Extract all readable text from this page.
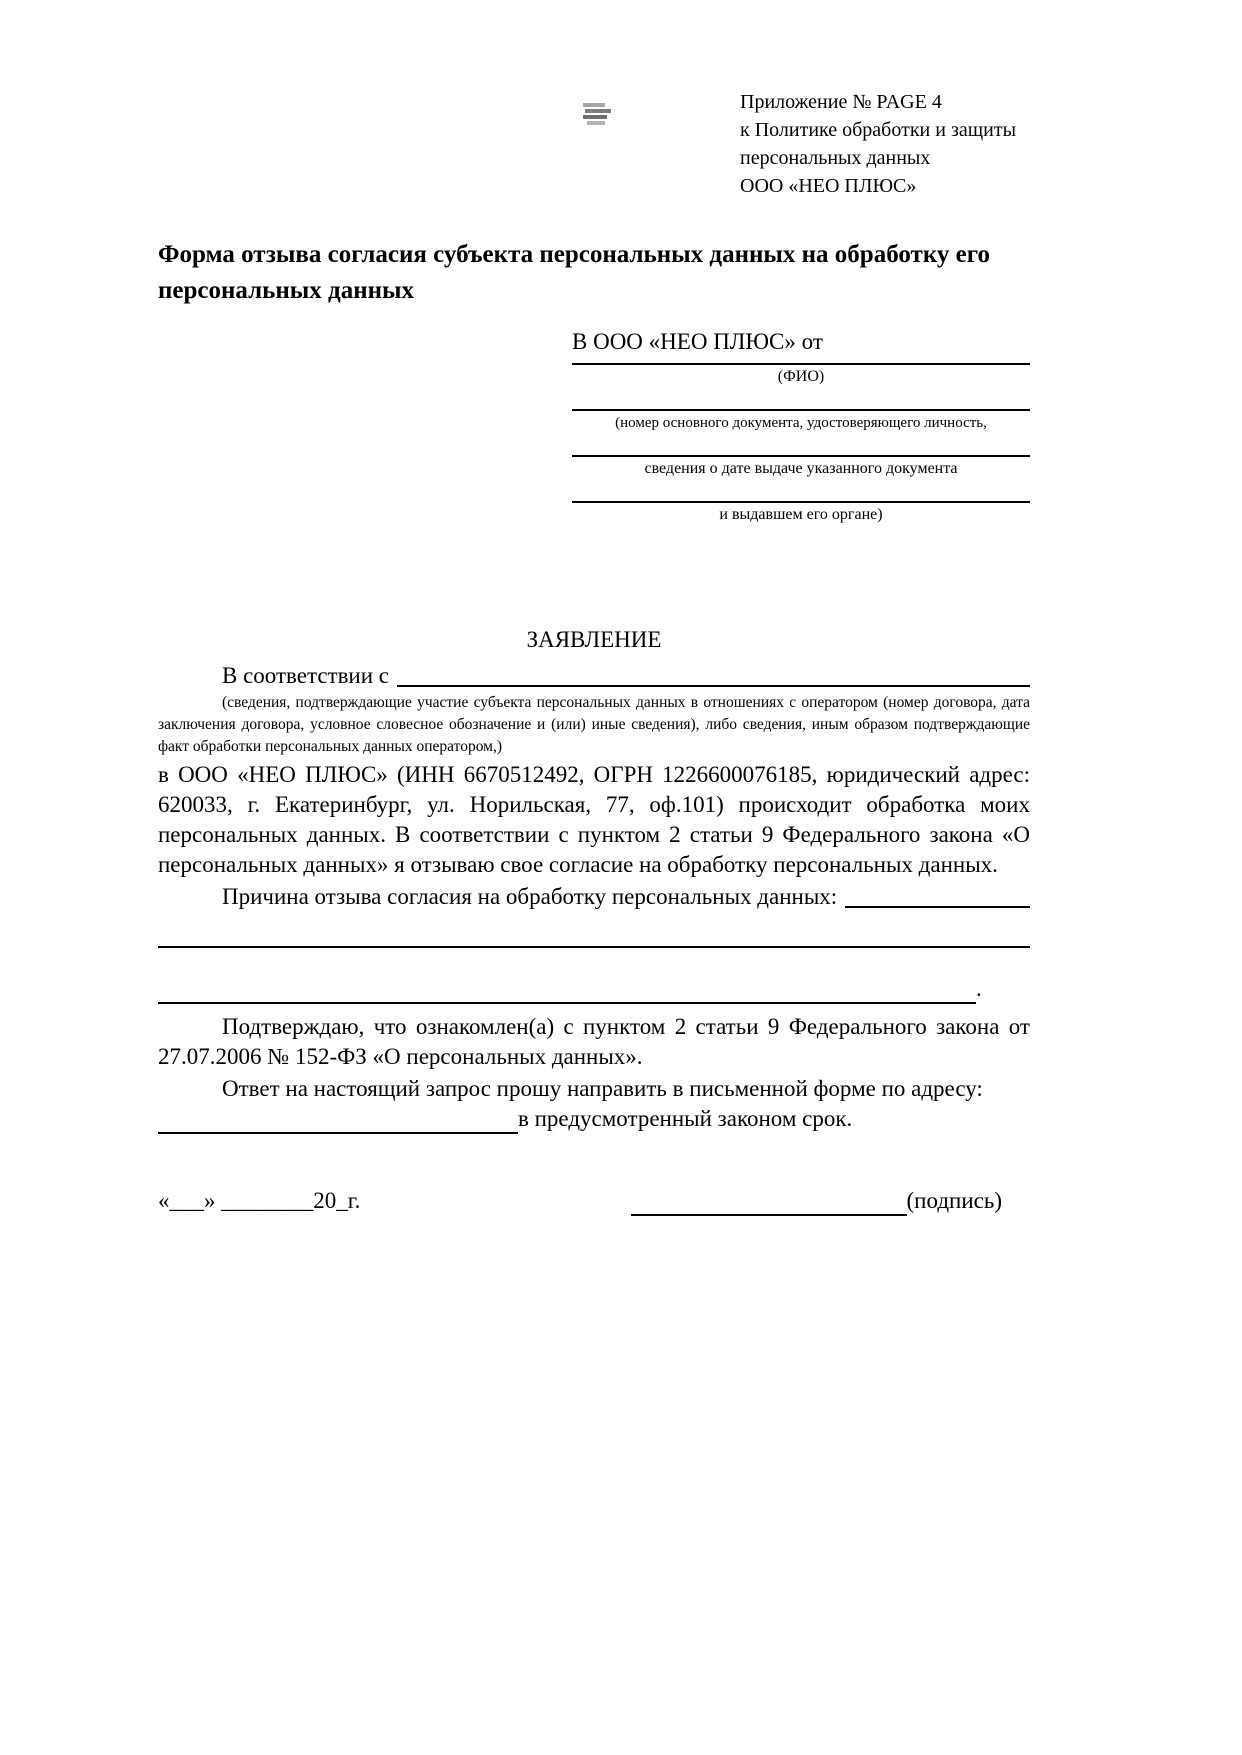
Приложение № PAGE 4
к Политике обработки и защиты
персональных данных
ООО «НЕО ПЛЮС»
Форма отзыва согласия субъекта персональных данных на обработку его персональных данных
В ООО «НЕО ПЛЮС» от
(ФИО)
(номер основного документа, удостоверяющего личность,
сведения о дате выдаче указанного документа
и выдавшем его органе)
ЗАЯВЛЕНИЕ
В соответствии с
(сведения, подтверждающие участие субъекта персональных данных в отношениях с оператором (номер договора, дата заключения договора, условное словесное обозначение и (или) иные сведения), либо сведения, иным образом подтверждающие факт обработки персональных данных оператором,)
в ООО «НЕО ПЛЮС» (ИНН 6670512492, ОГРН 1226600076185, юридический адрес: 620033, г. Екатеринбург, ул. Норильская, 77, оф.101) происходит обработка моих персональных данных. В соответствии с пунктом 2 статьи 9 Федерального закона «О персональных данных» я отзываю свое согласие на обработку персональных данных.
Причина отзыва согласия на обработку персональных данных:
.
Подтверждаю, что ознакомлен(а) с пунктом 2 статьи 9 Федерального закона от 27.07.2006 № 152-ФЗ «О персональных данных».
Ответ на настоящий запрос прошу направить в письменной форме по адресу:
в предусмотренный законом срок.
«___» ________20_г.	(подпись)
